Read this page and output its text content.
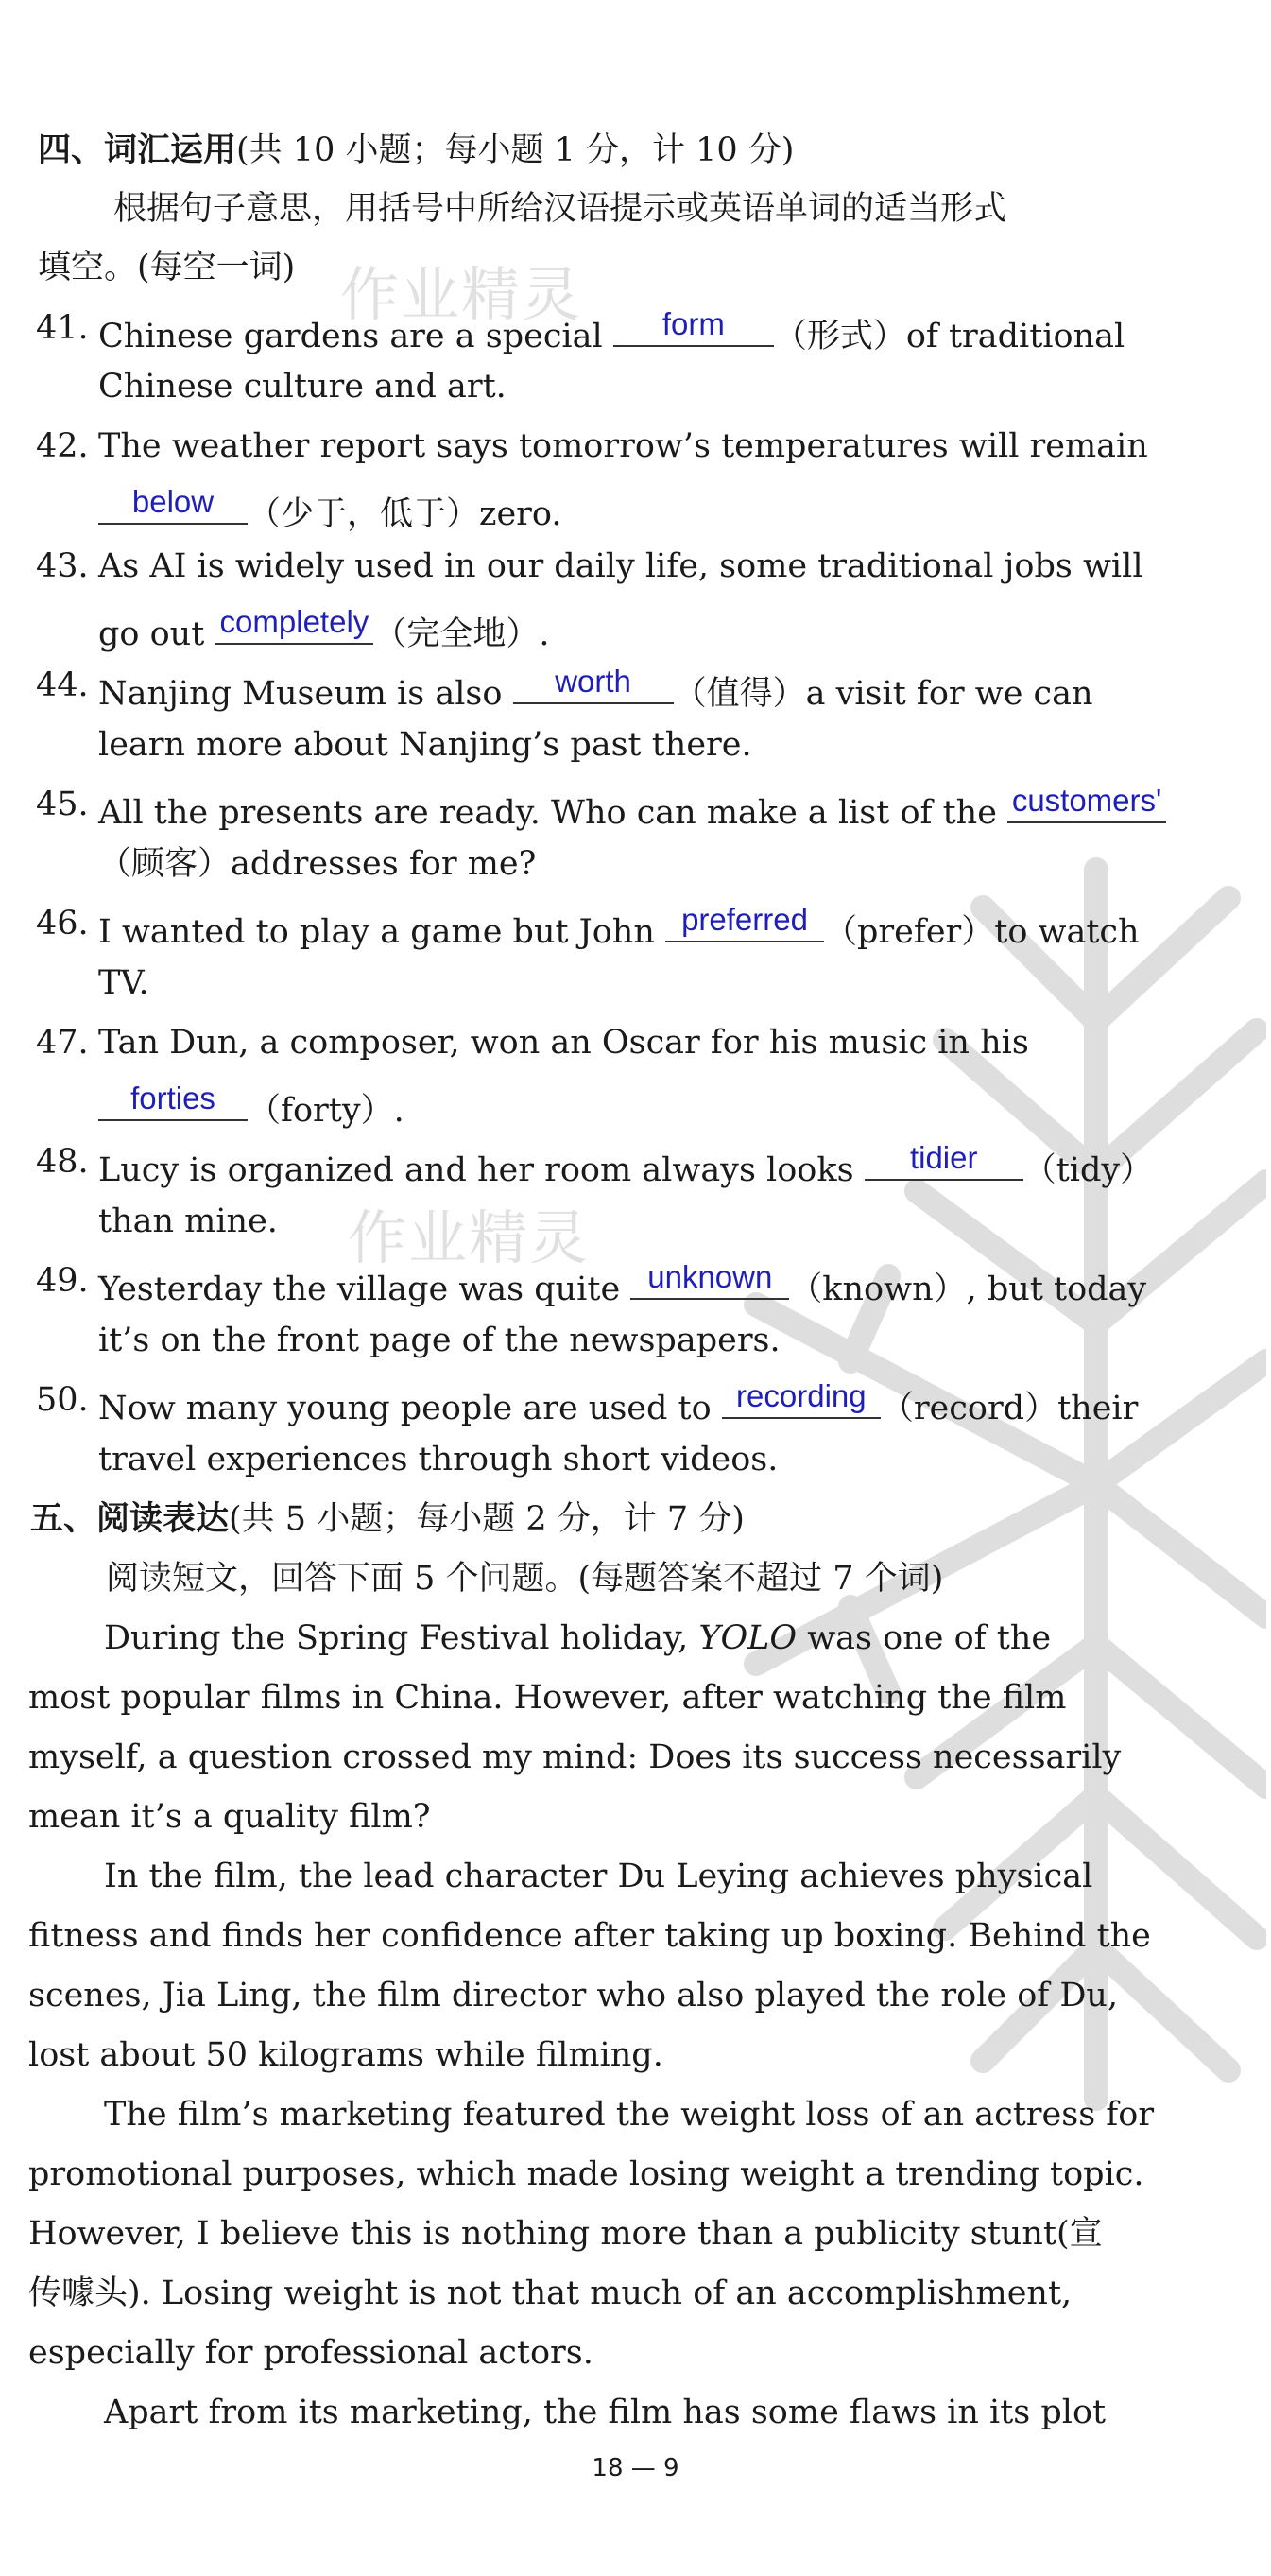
作业精灵
作业精灵
四、词汇运用(共 10 小题；每小题 1 分，计 10 分)
根据句子意思，用括号中所给汉语提示或英语单词的适当形式
填空。(每空一词)
41. Chinese gardens are a special	form	（形式）of traditional
Chinese culture and art.
42. The weather report says tomorrow’s temperatures will remain
below	（少于，低于）zero.
43. As AI is widely used in our daily life, some traditional jobs will
go out completely （完全地）.
44. Nanjing Museum is also	worth	（值得）a visit for we can
learn more about Nanjing’s past there.
45. All the presents are ready. Who can make a list of the customers'
（顾客）addresses for me?
46. I wanted to play a game but John preferred （prefer）to watch
TV.
47. Tan Dun, a composer, won an Oscar for his music in his
forties （forty）.
48. Lucy is organized and her room always looks	tidier	（tidy）
than mine.
49. Yesterday the village was quite unknown （known）, but today
it’s on the front page of the newspapers.
50. Now many young people are used to recording （record）their
travel experiences through short videos.
五、阅读表达(共 5 小题；每小题 2 分，计 7 分)
阅读短文，回答下面 5 个问题。(每题答案不超过 7 个词)
During the Spring Festival holiday, YOLO was one of the
most popular films in China. However, after watching the film
myself, a question crossed my mind: Does its success necessarily
mean it’s a quality film?
In the film, the lead character Du Leying achieves physical
fitness and finds her confidence after taking up boxing. Behind the
scenes, Jia Ling, the film director who also played the role of Du,
lost about 50 kilograms while filming.
The film’s marketing featured the weight loss of an actress for
promotional purposes, which made losing weight a trending topic.
However, I believe this is nothing more than a publicity stunt(宣
传噱头). Losing weight is not that much of an accomplishment,
especially for professional actors.
Apart from its marketing, the film has some flaws in its plot
18 — 9
